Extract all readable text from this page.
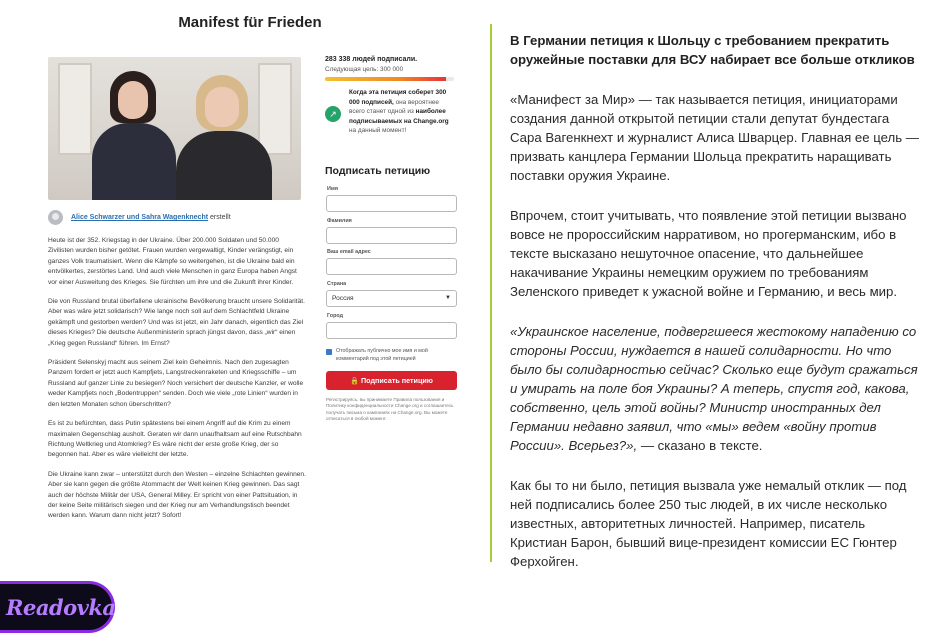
Manifest für Frieden
Alice Schwarzer und Sahra Wagenknecht erstellt

Heute ist der 352. Kriegstag in der Ukraine. Über 200.000 Soldaten und 50.000 Zivilisten wurden bisher getötet. Frauen wurden vergewaltigt, Kinder verängstigt, ein ganzes Volk traumatisiert. Wenn die Kämpfe so weitergehen, ist die Ukraine bald ein entvölkertes, zerstörtes Land. Und auch viele Menschen in ganz Europa haben Angst vor einer Ausweitung des Krieges. Sie fürchten um ihre und die Zukunft ihrer Kinder.

Die von Russland brutal überfallene ukrainische Bevölkerung braucht unsere Solidarität. Aber was wäre jetzt solidarisch? Wie lange noch soll auf dem Schlachtfeld Ukraine gekämpft und gestorben werden? Und was ist jetzt, ein Jahr danach, eigentlich das Ziel dieses Krieges? Die deutsche Außenministerin sprach jüngst davon, dass „wir“ einen „Krieg gegen Russland“ führen. Im Ernst?

Präsident Selenskyj macht aus seinem Ziel kein Geheimnis. Nach den zugesagten Panzern fordert er jetzt auch Kampfjets, Langstreckenraketen und Kriegsschiffe – um Russland auf ganzer Linie zu besiegen? Noch versichert der deutsche Kanzler, er wolle weder Kampfjets noch „Bodentruppen“ senden. Doch wie viele „rote Linien“ wurden in den letzten Monaten schon überschritten?

Es ist zu befürchten, dass Putin spätestens bei einem Angriff auf die Krim zu einem maximalen Gegenschlag ausholt. Geraten wir dann unaufhaltsam auf eine Rutschbahn Richtung Weltkrieg und Atomkrieg? Es wäre nicht der erste große Krieg, der so begonnen hat. Aber es wäre vielleicht der letzte.

Die Ukraine kann zwar – unterstützt durch den Westen – einzelne Schlachten gewinnen. Aber sie kann gegen die größte Atommacht der Welt keinen Krieg gewinnen. Das sagt auch der höchste Militär der USA, General Milley. Er spricht von einer Pattsituation, in der keine Seite militärisch siegen und der Krieg nur am Verhandlungstisch beendet werden kann. Warum dann nicht jetzt? Sofort!

283 338 людей подписали.
Следующая цель: 300 000
↗
Когда эта петиция соберет 300 000 подписей, она вероятнее всего станет одной из наиболее подписываемых на Change.org на данный момент!
Подписать петицию
Имя
Фамилия
Ваш email адрес
Страна
Россия	▼
Город
Отображать публично мое имя и мой комментарий под этой петицией
🔒 Подписать петицию
Регистрируясь, вы принимаете Правила пользования и Политику конфиденциальности Change.org и соглашаетесь получать письма о кампаниях на Change.org. Вы можете отписаться в любой момент.
В Германии петиция к Шольцу с требованием прекратить оружейные поставки для ВСУ набирает все больше откликов

«Манифест за Мир» — так называется петиция, инициаторами создания данной открытой петиции стали депутат бундестага Сара Вагенкнехт и журналист Алиса Шварцер. Главная ее цель — призвать канцлера Германии Шольца прекратить наращивать поставки оружия Украине.

Впрочем, стоит учитывать, что появление этой петиции вызвано вовсе не пророссийским нарративом, но прогерманским, ибо в тексте высказано нешуточное опасение, что дальнейшее накачивание Украины немецким оружием по требованиям Зеленского приведет к ужасной войне и Германию, и весь мир.

«Украинское население, подвергшееся жестокому нападению со стороны России, нуждается в нашей солидарности. Но что было бы солидарностью сейчас? Сколько еще будут сражаться и умирать на поле боя Украины? А теперь, спустя год, какова, собственно, цель этой войны? Министр иностранных дел Германии недавно заявил, что «мы» ведем «войну против России». Всерьез?», — сказано в тексте.

Как бы то ни было, петиция вызвала уже немалый отклик — под ней подписались более 250 тыс людей, в их числе несколько известных, авторитетных личностей. Например, писатель Кристиан Барон, бывший вице-президент комиссии ЕС Гюнтер Ферхойген.

Readovka
